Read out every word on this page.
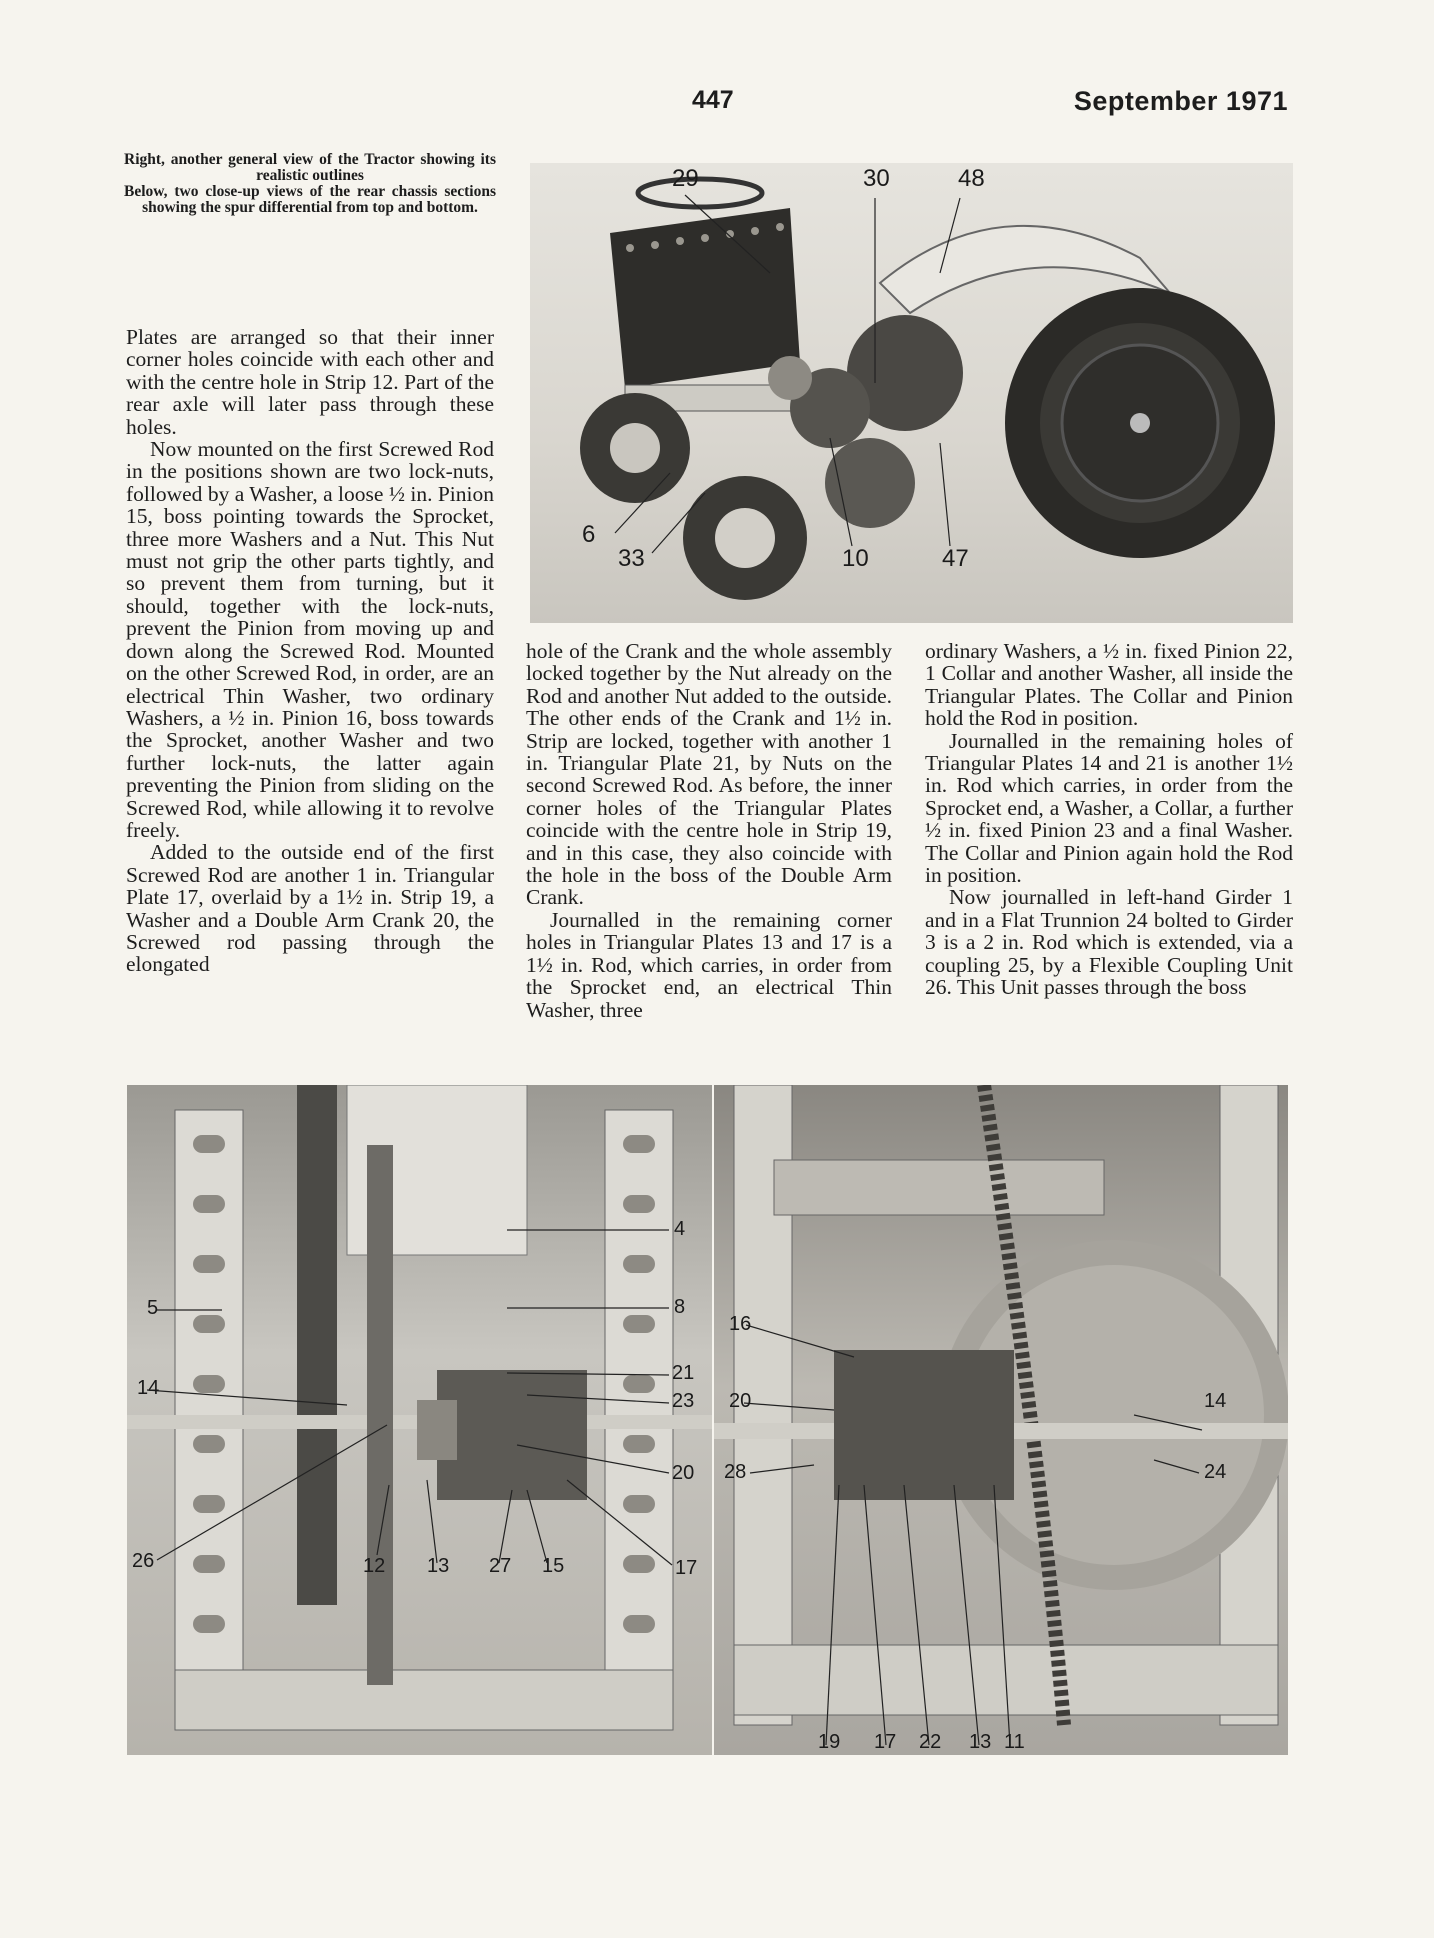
447	September 1971

Right, another general view of the Tractor showing its realistic outlines

Below, two close-up views of the rear chassis sections showing the spur differential from top and bottom.

Plates are arranged so that their inner corner holes coincide with each other and with the centre hole in Strip 12. Part of the rear axle will later pass through these holes.

Now mounted on the first Screwed Rod in the positions shown are two lock-nuts, followed by a Washer, a loose ½ in. Pinion 15, boss pointing towards the Sprocket, three more Washers and a Nut. This Nut must not grip the other parts tightly, and so prevent them from turning, but it should, together with the lock-nuts, prevent the Pinion from moving up and down along the Screwed Rod. Mounted on the other Screwed Rod, in order, are an electrical Thin Washer, two ordinary Washers, a ½ in. Pinion 16, boss towards the Sprocket, another Washer and two further lock-nuts, the latter again preventing the Pinion from sliding on the Screwed Rod, while allowing it to revolve freely.

Added to the outside end of the first Screwed Rod are another 1 in. Triangular Plate 17, overlaid by a 1½ in. Strip 19, a Washer and a Double Arm Crank 20, the Screwed rod passing through the elongated

hole of the Crank and the whole assembly locked together by the Nut already on the Rod and another Nut added to the outside. The other ends of the Crank and 1½ in. Strip are locked, together with another 1 in. Triangular Plate 21, by Nuts on the second Screwed Rod. As before, the inner corner holes of the Triangular Plates coincide with the centre hole in Strip 19, and in this case, they also coincide with the hole in the boss of the Double Arm Crank.

Journalled in the remaining corner holes in Triangular Plates 13 and 17 is a 1½ in. Rod, which carries, in order from the Sprocket end, an electrical Thin Washer, three

ordinary Washers, a ½ in. fixed Pinion 22, 1 Collar and another Washer, all inside the Triangular Plates. The Collar and Pinion hold the Rod in position.

Journalled in the remaining holes of Triangular Plates 14 and 21 is another 1½ in. Rod which carries, in order from the Sprocket end, a Washer, a Collar, a further ½ in. fixed Pinion 23 and a final Washer. The Collar and Pinion again hold the Rod in position.

Now journalled in left-hand Girder 1 and in a Flat Trunnion 24 bolted to Girder 3 is a 2 in. Rod which is extended, via a coupling 25, by a Flexible Coupling Unit 26. This Unit passes through the boss

29	30	48
6
33	10	47
4
5	8
21
14
23
20
26	12 13 27 15	17
16
20	14
28	24
19 17 22 13 11
